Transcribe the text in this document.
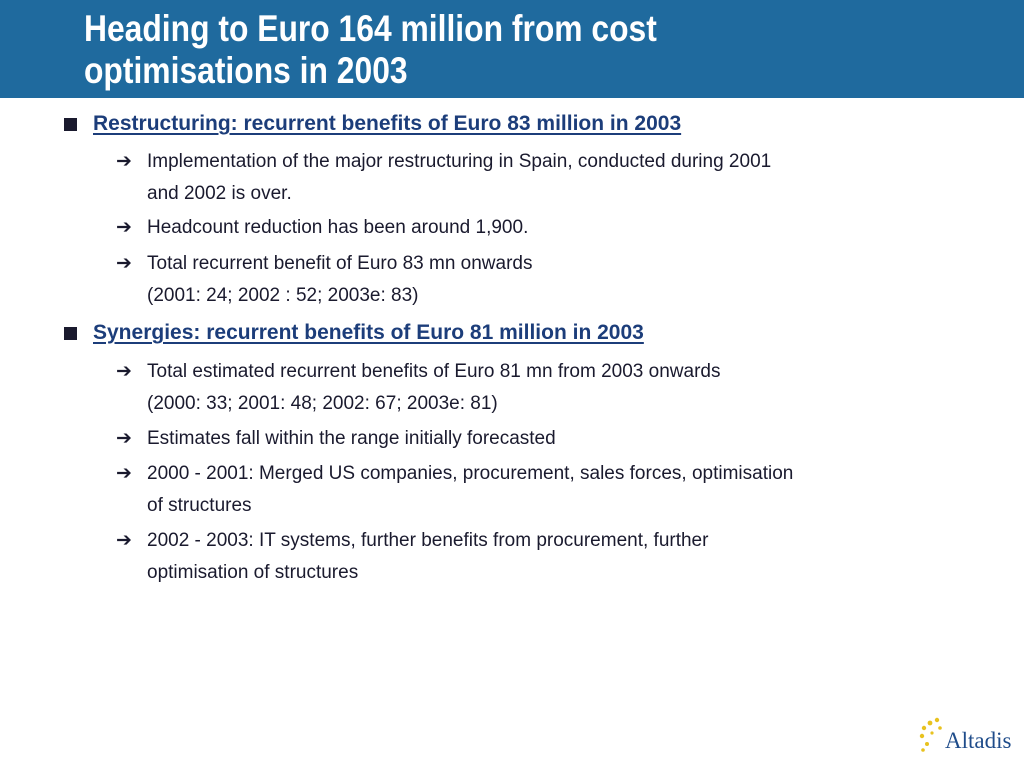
Heading to Euro 164 million from cost
optimisations in 2003
Restructuring: recurrent benefits of Euro 83 million in 2003
➔ Implementation of the major restructuring in Spain, conducted during 2001
and 2002 is over.
➔ Headcount reduction has been around 1,900.
➔ Total recurrent benefit of Euro 83 mn onwards
(2001: 24; 2002 : 52; 2003e: 83)
Synergies: recurrent benefits of Euro 81 million in 2003
➔ Total estimated recurrent benefits of Euro 81 mn from 2003 onwards
(2000: 33; 2001: 48; 2002: 67; 2003e: 81)
➔ Estimates fall within the range initially forecasted
➔ 2000 - 2001: Merged US companies, procurement, sales forces, optimisation
of structures
➔ 2002 - 2003: IT systems, further benefits from procurement, further
optimisation of structures
Altadis
